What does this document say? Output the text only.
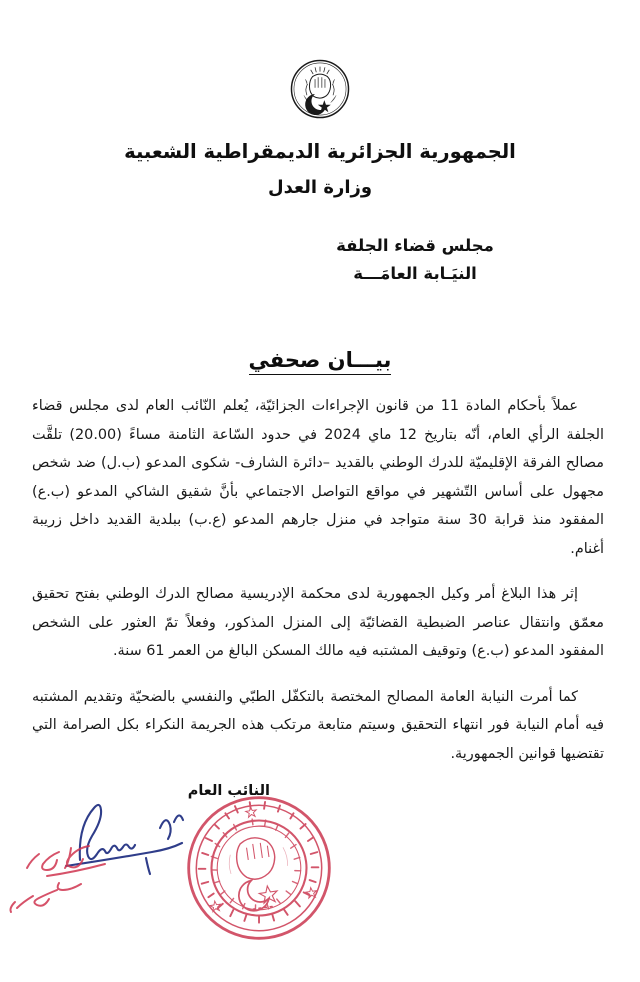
الجمهورية الجزائرية الديمقراطية الشعبية
وزارة العدل
مجلس قضاء الجلفة
النيَـابة العامَـــة
بيـــان صحفي

عملاً بأحكام المادة 11 من قانون الإجراءات الجزائيّة، يُعلم النّائب العام لدى مجلس قضاء الجلفة الرأي العام، أنّه بتاريخ 12 ماي 2024 في حدود السّاعة الثامنة مساءً (20.00) تلقَّت مصالح الفرقة الإقليميّة للدرك الوطني بالقديد –دائرة الشارف- شكوى المدعو (ب.ل) ضد شخص مجهول على أساس التّشهير في مواقع التواصل الاجتماعي بأنَّ شقيق الشاكي المدعو (ب.ع) المفقود منذ قرابة 30 سنة متواجد في منزل جارهم المدعو (ع.ب) ببلدية القديد داخل زريبة أغنام.

إثر هذا البلاغ أمر وكيل الجمهورية لدى محكمة الإدريسية مصالح الدرك الوطني بفتح تحقيق معمّق وانتقال عناصر الضبطية القضائيّة إلى المنزل المذكور، وفعلاً تمّ العثور على الشخص المفقود المدعو (ب.ع) وتوقيف المشتبه فيه مالك المسكن البالغ من العمر 61 سنة.

كما أمرت النيابة العامة المصالح المختصة بالتكفّل الطبّي والنفسي بالضحيّة وتقديم المشتبه فيه أمام النيابة فور انتهاء التحقيق وسيتم متابعة مرتكب هذه الجريمة النكراء بكل الصرامة التي تقتضيها قوانين الجمهورية.

النائب العام
